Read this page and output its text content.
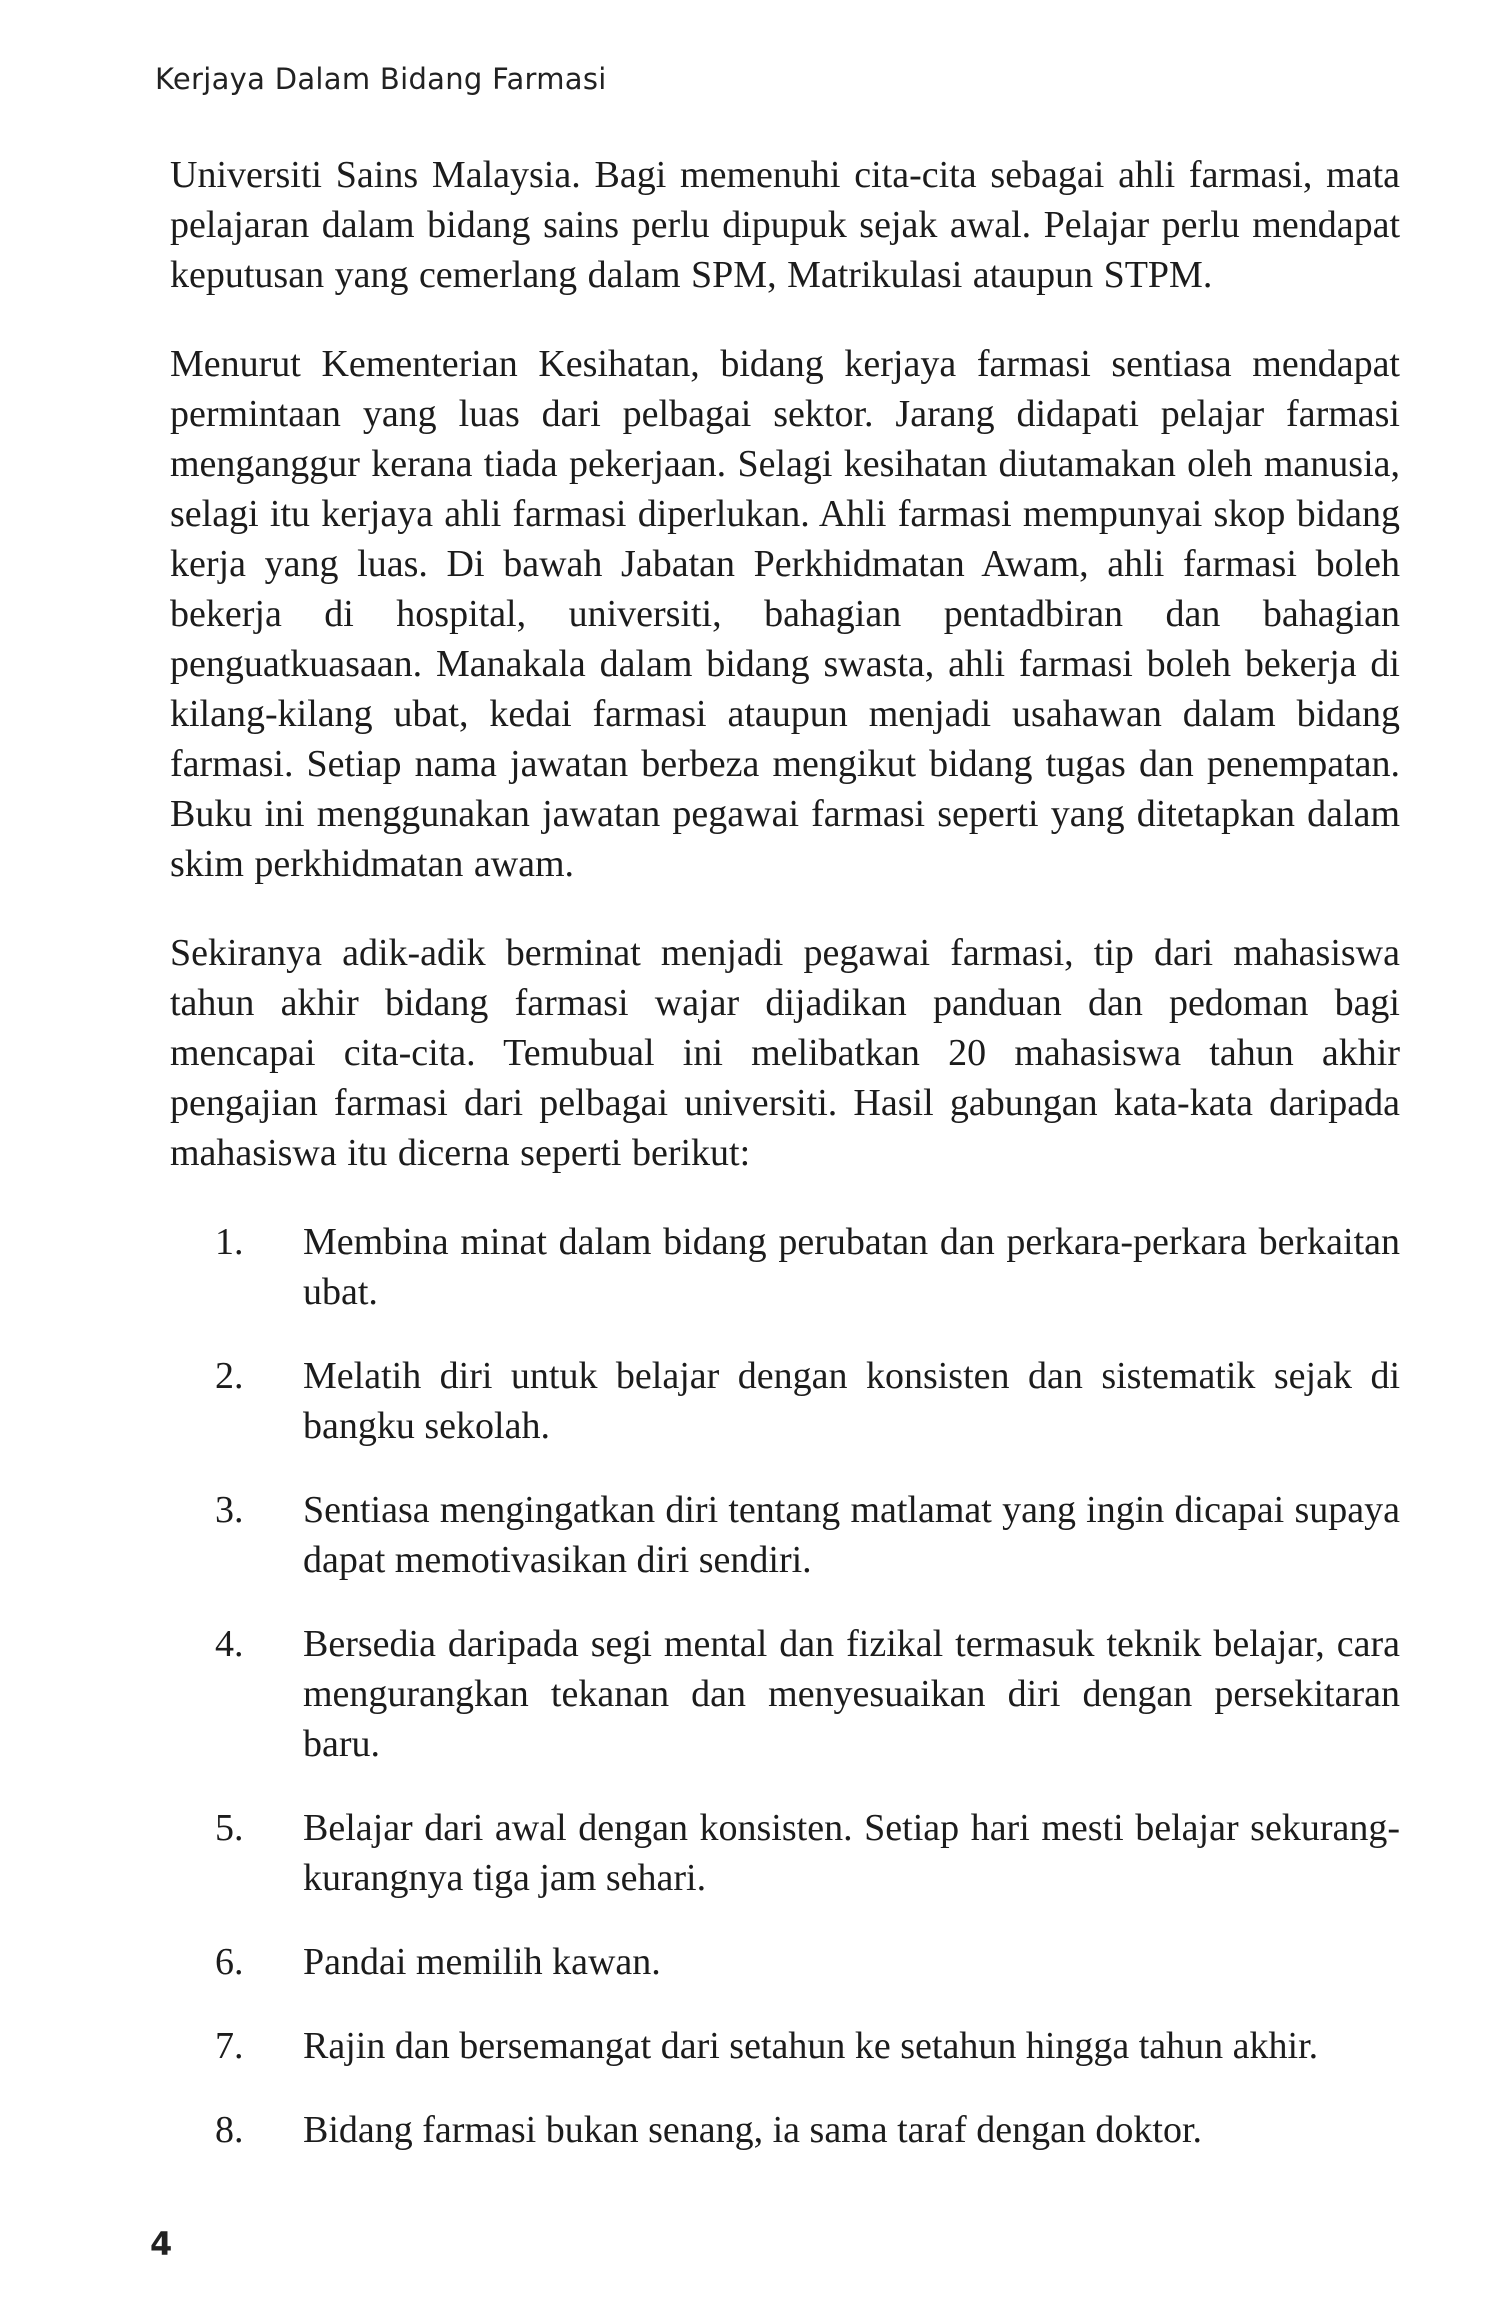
Kerjaya Dalam Bidang Farmasi

Universiti Sains Malaysia. Bagi memenuhi cita-cita sebagai ahli farmasi, mata pelajaran dalam bidang sains perlu dipupuk sejak awal. Pelajar perlu mendapat keputusan yang cemerlang dalam SPM, Matrikulasi ataupun STPM.

Menurut Kementerian Kesihatan, bidang kerjaya farmasi sentiasa mendapat permintaan yang luas dari pelbagai sektor. Jarang didapati pelajar farmasi menganggur kerana tiada pekerjaan. Selagi kesihatan diutamakan oleh manusia, selagi itu kerjaya ahli farmasi diperlukan. Ahli farmasi mempunyai skop bidang kerja yang luas. Di bawah Jabatan Perkhidmatan Awam, ahli farmasi boleh bekerja di hospital, universiti, bahagian pentadbiran dan bahagian penguatkuasaan. Manakala dalam bidang swasta, ahli farmasi boleh bekerja di kilang-kilang ubat, kedai farmasi ataupun menjadi usahawan dalam bidang farmasi. Setiap nama jawatan berbeza mengikut bidang tugas dan penempatan. Buku ini menggunakan jawatan pegawai farmasi seperti yang ditetapkan dalam skim perkhidmatan awam.

Sekiranya adik-adik berminat menjadi pegawai farmasi, tip dari mahasiswa tahun akhir bidang farmasi wajar dijadikan panduan dan pedoman bagi mencapai cita-cita. Temubual ini melibatkan 20 mahasiswa tahun akhir pengajian farmasi dari pelbagai universiti. Hasil gabungan kata-kata daripada mahasiswa itu dicerna seperti berikut:

1. Membina minat dalam bidang perubatan dan perkara-perkara berkaitan ubat.
2. Melatih diri untuk belajar dengan konsisten dan sistematik sejak di bangku sekolah.
3. Sentiasa mengingatkan diri tentang matlamat yang ingin dicapai supaya dapat memotivasikan diri sendiri.
4. Bersedia daripada segi mental dan fizikal termasuk teknik belajar, cara mengurangkan tekanan dan menyesuaikan diri dengan persekitaran baru.
5. Belajar dari awal dengan konsisten. Setiap hari mesti belajar sekurang-kurangnya tiga jam sehari.
6. Pandai memilih kawan.
7. Rajin dan bersemangat dari setahun ke setahun hingga tahun akhir.
8. Bidang farmasi bukan senang, ia sama taraf dengan doktor.
4
